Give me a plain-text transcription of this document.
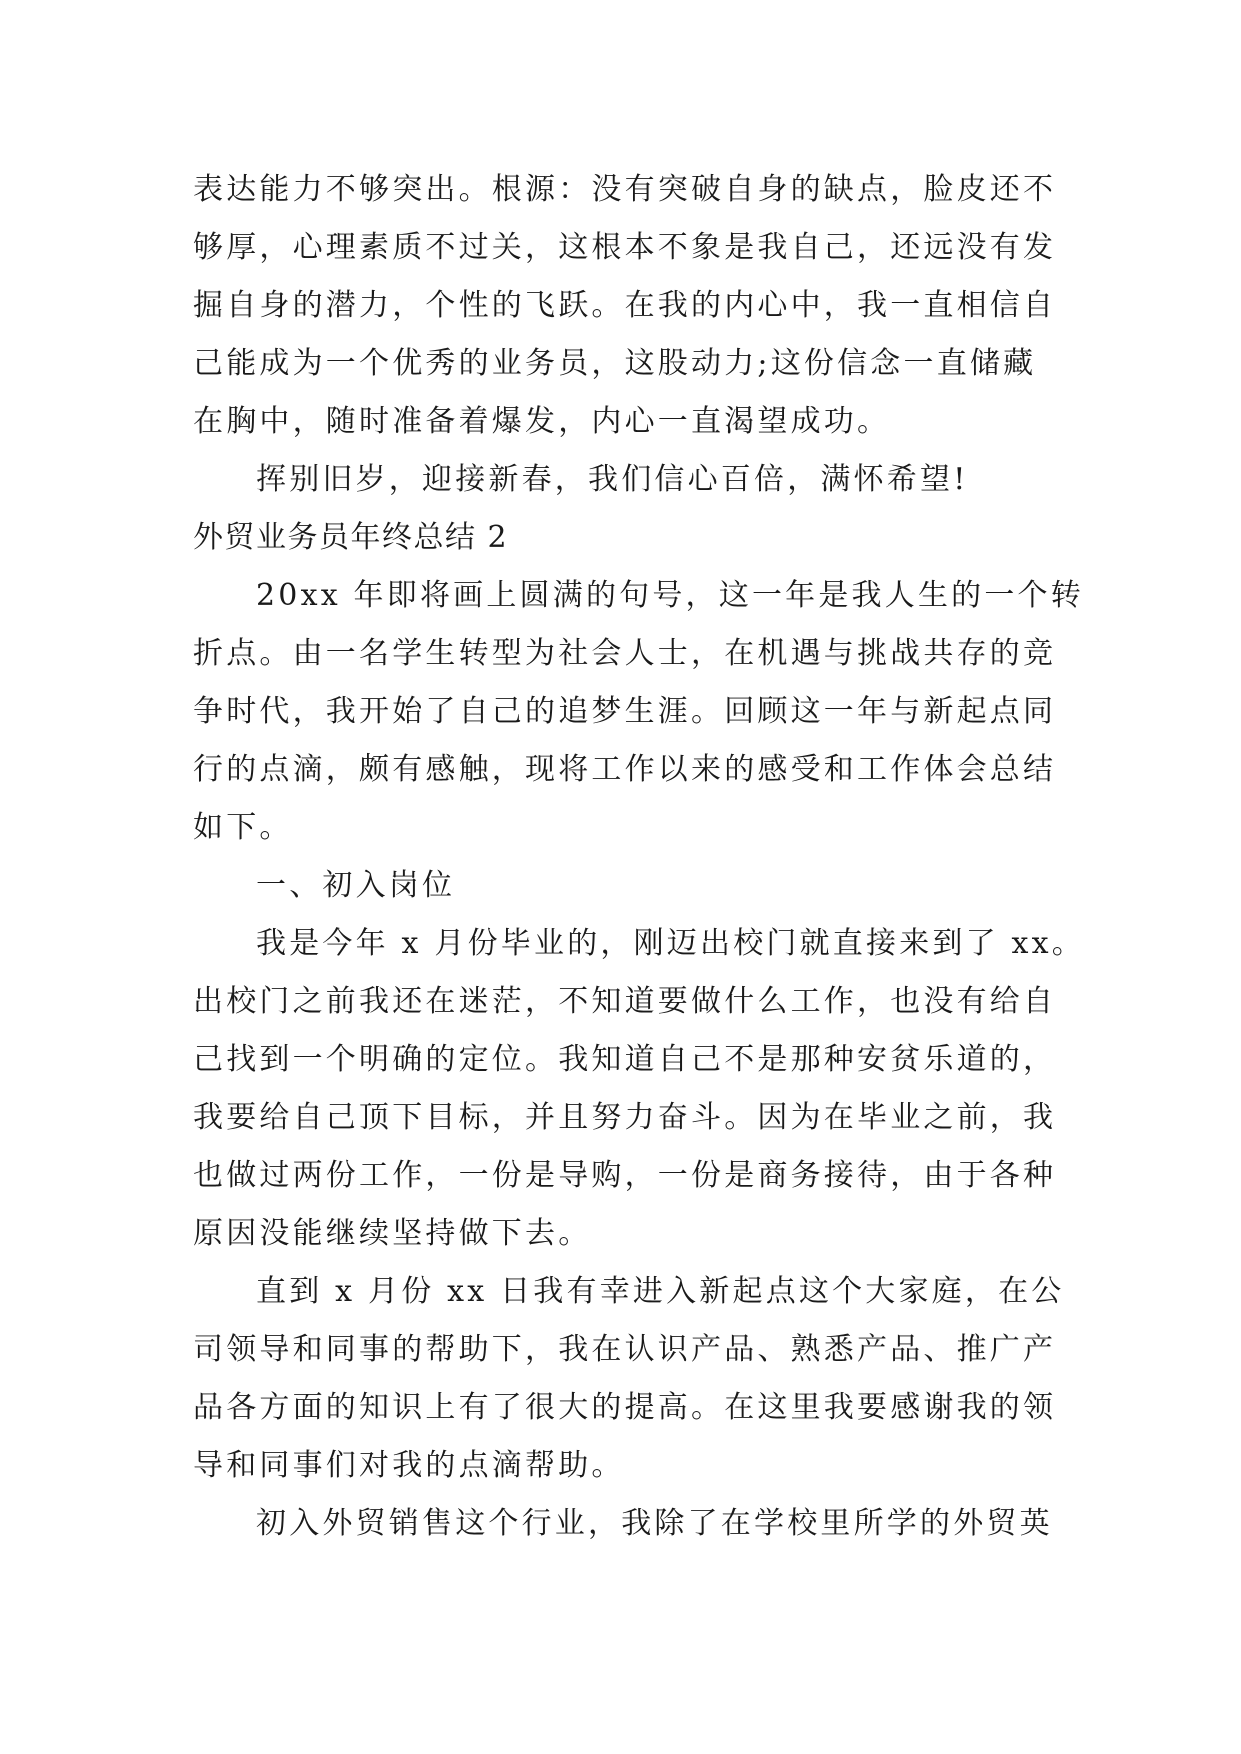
表达能力不够突出。根源：没有突破自身的缺点，脸皮还不
够厚，心理素质不过关，这根本不象是我自己，还远没有发
掘自身的潜力，个性的飞跃。在我的内心中，我一直相信自
己能成为一个优秀的业务员，这股动力;这份信念一直储藏
在胸中，随时准备着爆发，内心一直渴望成功。
挥别旧岁，迎接新春，我们信心百倍，满怀希望!
外贸业务员年终总结 2
20xx 年即将画上圆满的句号，这一年是我人生的一个转
折点。由一名学生转型为社会人士，在机遇与挑战共存的竞
争时代，我开始了自己的追梦生涯。回顾这一年与新起点同
行的点滴，颇有感触，现将工作以来的感受和工作体会总结
如下。
一、初入岗位
我是今年 x 月份毕业的，刚迈出校门就直接来到了 xx。
出校门之前我还在迷茫，不知道要做什么工作，也没有给自
己找到一个明确的定位。我知道自己不是那种安贫乐道的，
我要给自己顶下目标，并且努力奋斗。因为在毕业之前，我
也做过两份工作，一份是导购，一份是商务接待，由于各种
原因没能继续坚持做下去。
直到 x 月份 xx 日我有幸进入新起点这个大家庭，在公
司领导和同事的帮助下，我在认识产品、熟悉产品、推广产
品各方面的知识上有了很大的提高。在这里我要感谢我的领
导和同事们对我的点滴帮助。
初入外贸销售这个行业，我除了在学校里所学的外贸英
